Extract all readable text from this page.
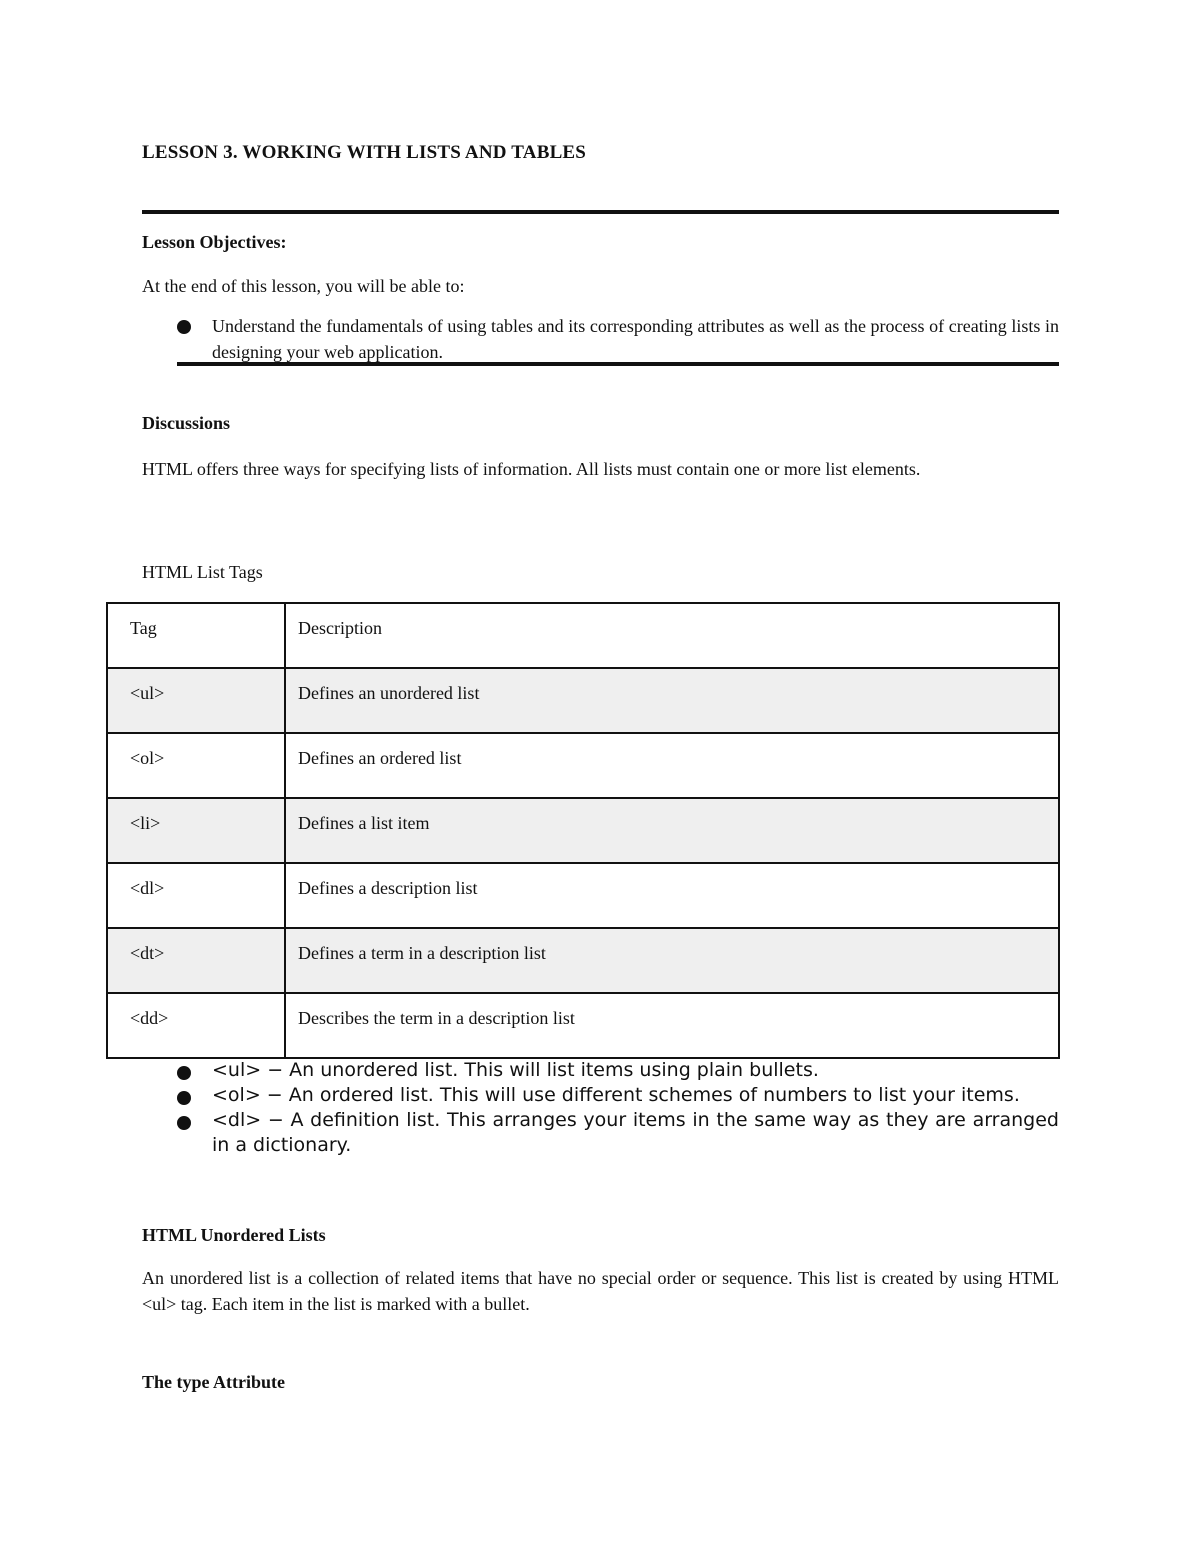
LESSON 3. WORKING WITH LISTS AND TABLES
Lesson Objectives:
At the end of this lesson, you will be able to:
Understand the fundamentals of using tables and its corresponding attributes as well as the process of creating lists in designing your web application.
Discussions
HTML offers three ways for specifying lists of information. All lists must contain one or more list elements.
HTML List Tags
Tag	Description
<ul>	Defines an unordered list
<ol>	Defines an ordered list
<li>	Defines a list item
<dl>	Defines a description list
<dt>	Defines a term in a description list
<dd>	Describes the term in a description list
<ul> − An unordered list. This will list items using plain bullets.
<ol> − An ordered list. This will use different schemes of numbers to list your items.
<dl> − A definition list. This arranges your items in the same way as they are arranged in a dictionary.
HTML Unordered Lists
An unordered list is a collection of related items that have no special order or sequence. This list is created by using HTML <ul> tag. Each item in the list is marked with a bullet.
The type Attribute
